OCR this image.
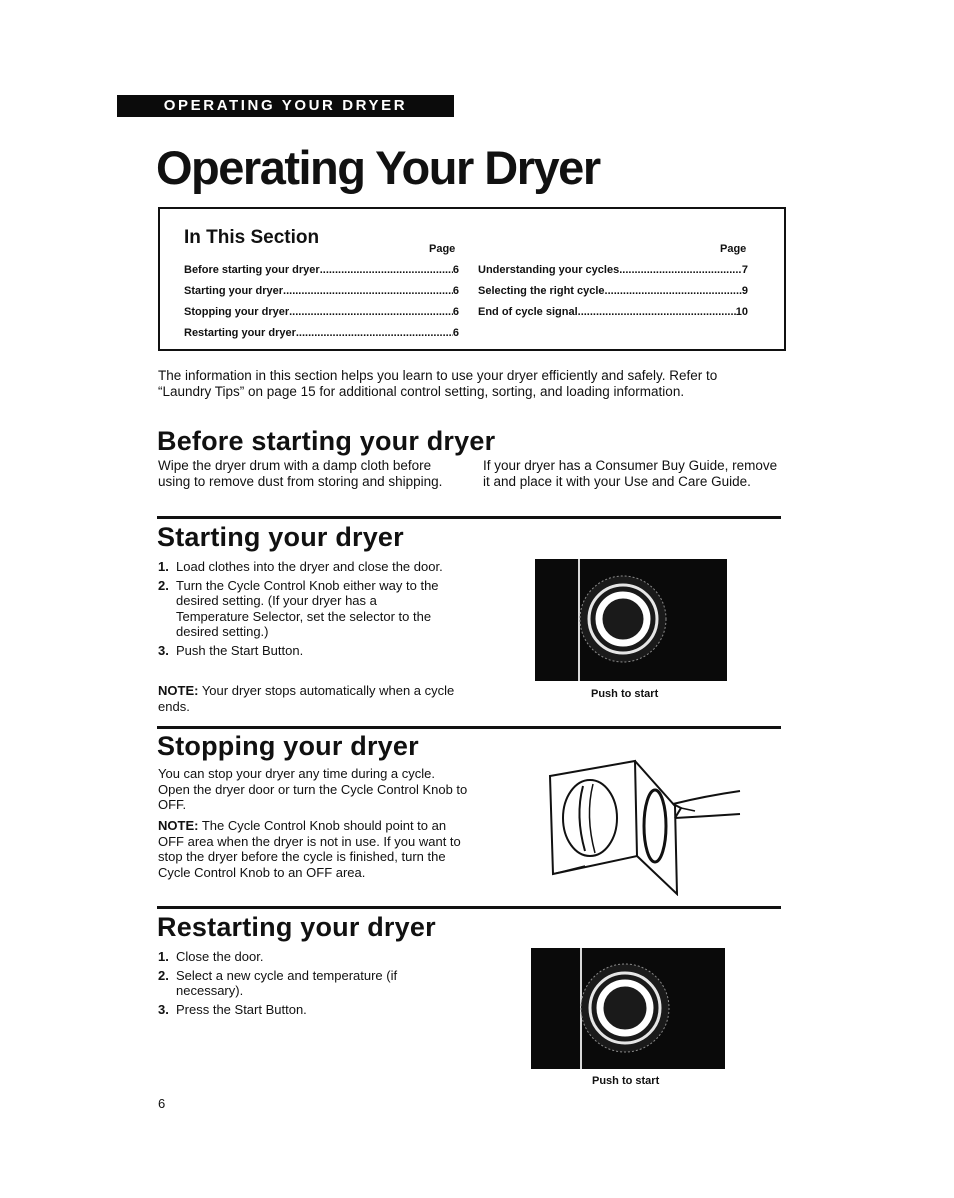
OPERATING YOUR DRYER
Operating Your Dryer
In This Section
Page	Page
Before starting your dryer .....	6
Starting your dryer .....	6
Stopping your dryer .....	6
Restarting your dryer .....	6
Understanding your cycles .....	7
Selecting the right cycle .....	9
End of cycle signal .....	10

The information in this section helps you learn to use your dryer efficiently and safely. Refer to “Laundry Tips” on page 15 for additional control setting, sorting, and loading information.

Before starting your dryer

Wipe the dryer drum with a damp cloth before using to remove dust from storing and shipping.

If your dryer has a Consumer Buy Guide, remove it and place it with your Use and Care Guide.

Starting your dryer
1. Load clothes into the dryer and close the door.
2. Turn the Cycle Control Knob either way to the desired setting. (If your dryer has a Temperature Selector, set the selector to the desired setting.)
3. Push the Start Button.

NOTE: Your dryer stops automatically when a cycle ends.

Push to start
Stopping your dryer

You can stop your dryer any time during a cycle. Open the dryer door or turn the Cycle Control Knob to OFF.

NOTE: The Cycle Control Knob should point to an OFF area when the dryer is not in use. If you want to stop the dryer before the cycle is finished, turn the Cycle Control Knob to an OFF area.

Restarting your dryer
1. Close the door.
2. Select a new cycle and temperature (if necessary).
3. Press the Start Button.
Push to start
6
